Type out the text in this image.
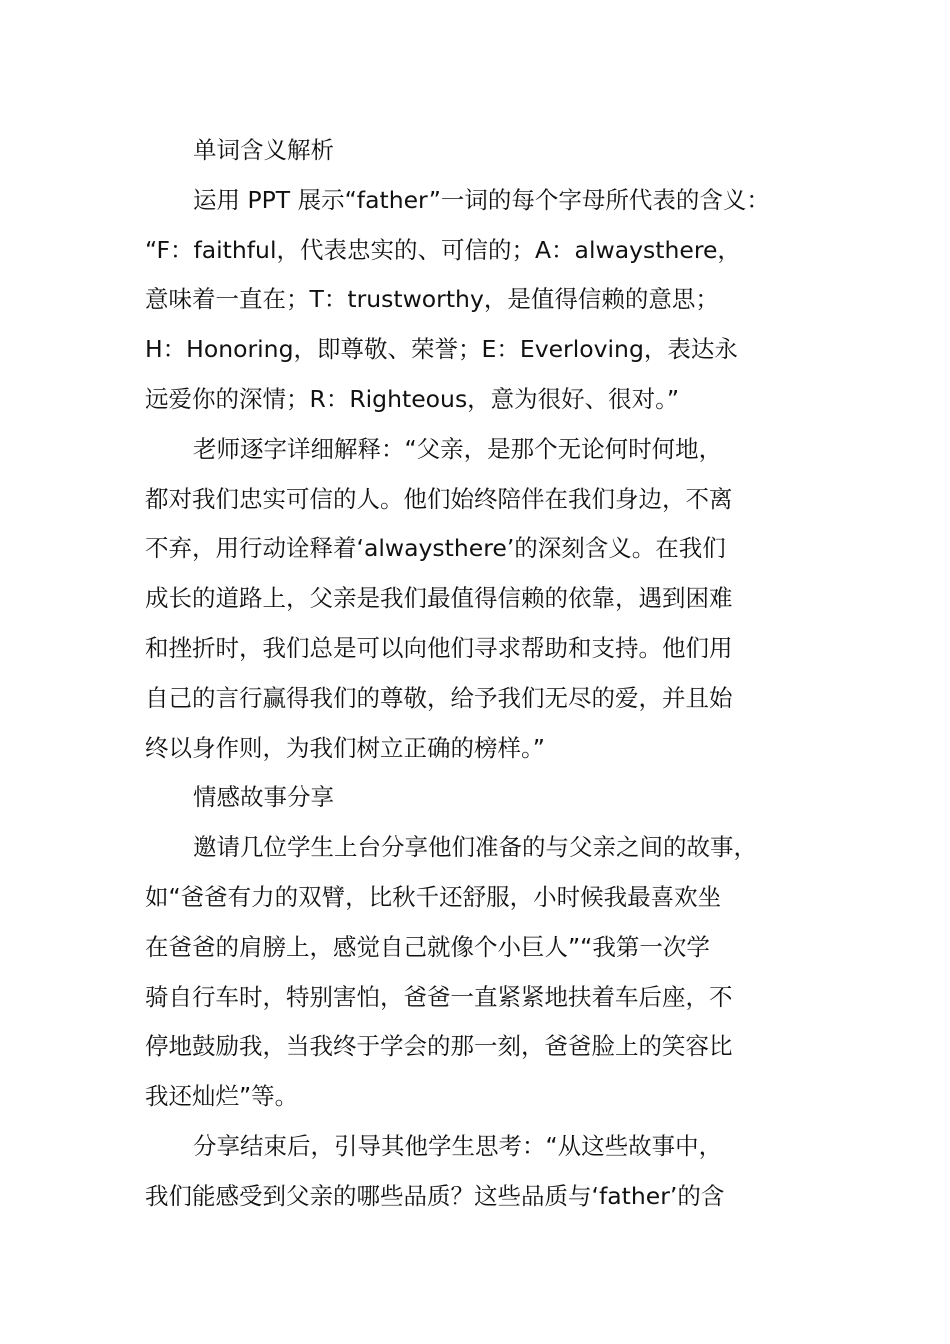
单词含义解析
运用 PPT 展示“father”一词的每个字母所代表的含义：
“F：faithful，代表忠实的、可信的；A：alwaysthere，
意味着一直在；T：trustworthy，是值得信赖的意思；
H：Honoring，即尊敬、荣誉；E：Everloving，表达永
远爱你的深情；R：Righteous，意为很好、很对。”
老师逐字详细解释：“父亲，是那个无论何时何地，
都对我们忠实可信的人。他们始终陪伴在我们身边，不离
不弃，用行动诠释着‘alwaysthere’的深刻含义。在我们
成长的道路上，父亲是我们最值得信赖的依靠，遇到困难
和挫折时，我们总是可以向他们寻求帮助和支持。他们用
自己的言行赢得我们的尊敬，给予我们无尽的爱，并且始
终以身作则，为我们树立正确的榜样。”
情感故事分享
邀请几位学生上台分享他们准备的与父亲之间的故事，
如“爸爸有力的双臂，比秋千还舒服，小时候我最喜欢坐
在爸爸的肩膀上，感觉自己就像个小巨人”“我第一次学
骑自行车时，特别害怕，爸爸一直紧紧地扶着车后座，不
停地鼓励我，当我终于学会的那一刻，爸爸脸上的笑容比
我还灿烂”等。
分享结束后，引导其他学生思考：“从这些故事中，
我们能感受到父亲的哪些品质？这些品质与‘father’的含
